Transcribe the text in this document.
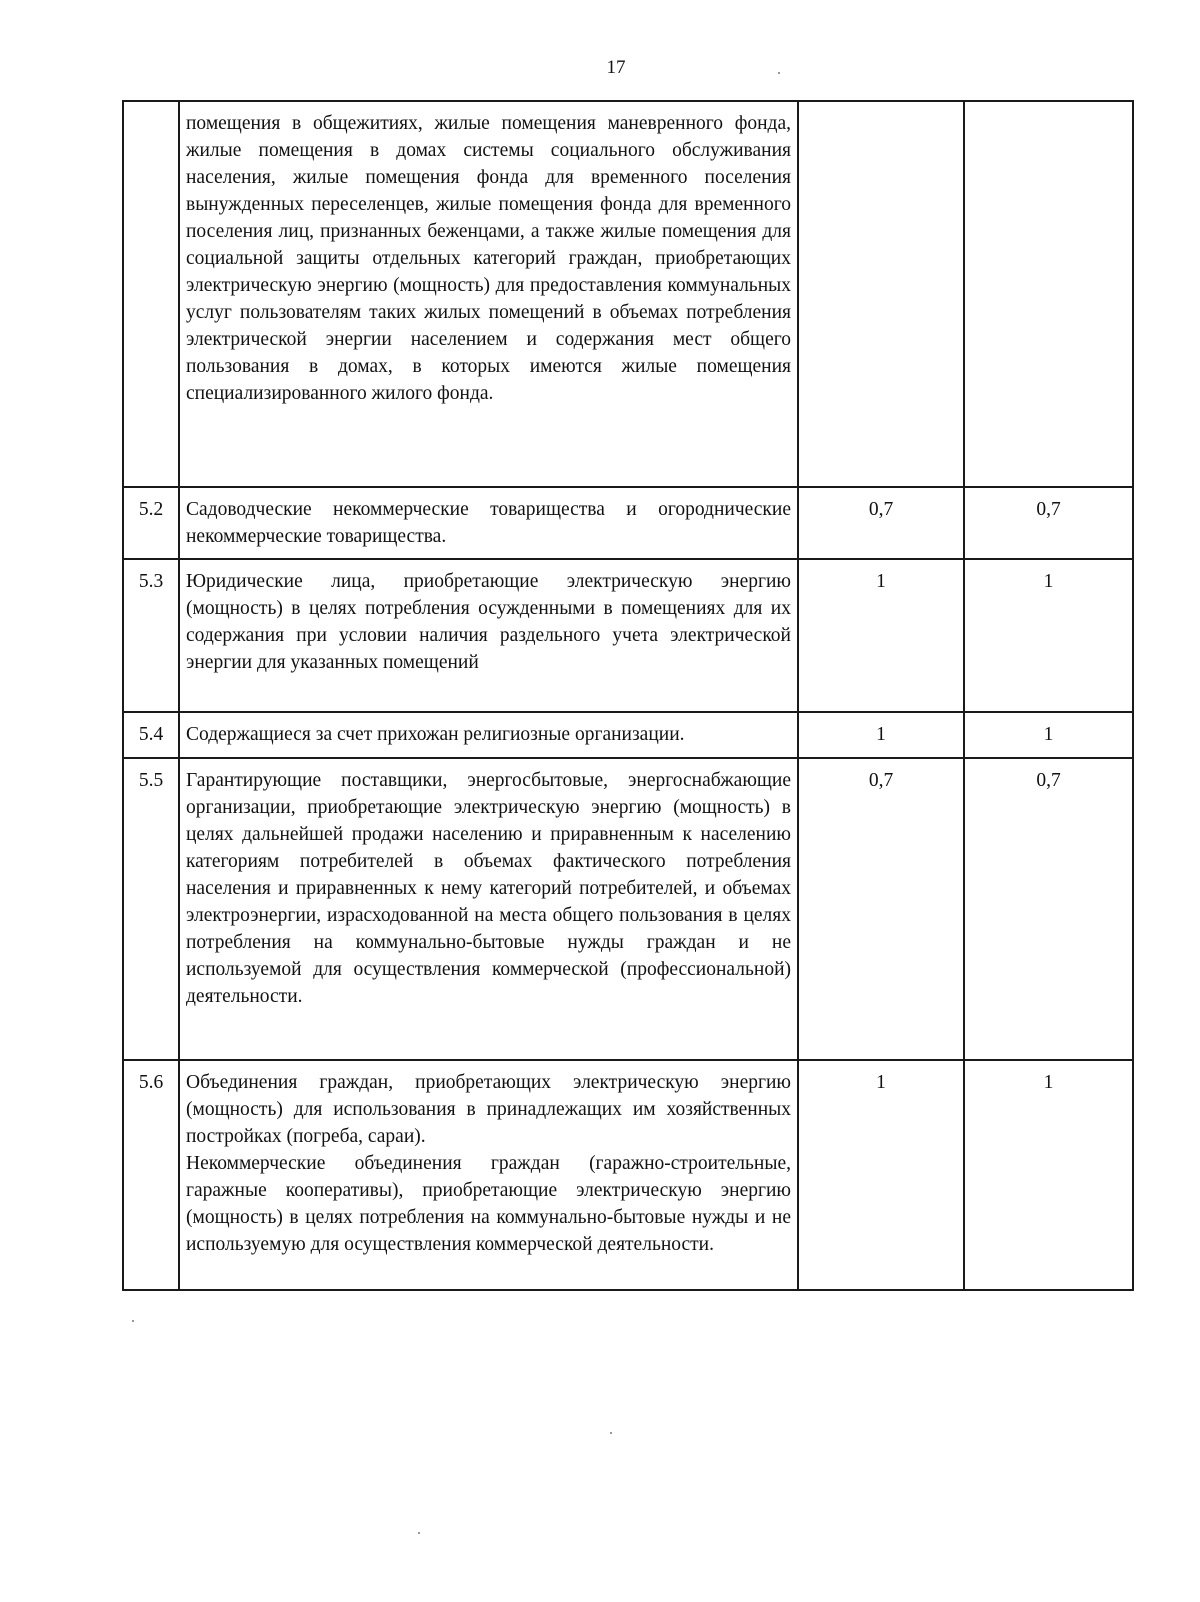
17

	помещения в общежитиях, жилые помещения маневренного фонда, жилые помещения в домах системы социального обслуживания населения, жилые помещения фонда для временного поселения вынужденных переселенцев, жилые помещения фонда для временного поселения лиц, признанных беженцами, а также жилые помещения для социальной защиты отдельных категорий граждан, приобретающих электрическую энергию (мощность) для предоставления коммунальных услуг пользователям таких жилых помещений в объемах потребления электрической энергии населением и содержания мест общего пользования в домах, в которых имеются жилые помещения специализированного жилого фонда.		

5.2	Садоводческие некоммерческие товарищества и огороднические некоммерческие товарищества.	0,7	0,7
5.3	Юридические лица, приобретающие электрическую энергию (мощность) в целях потребления осужденными в помещениях для их содержания при условии наличия раздельного учета электрической энергии для указанных помещений	1	1
5.4	Содержащиеся за счет прихожан религиозные организации.	1	1
5.5	Гарантирующие поставщики, энергосбытовые, энергоснабжающие организации, приобретающие электрическую энергию (мощность) в целях дальнейшей продажи населению и приравненным к населению категориям потребителей в объемах фактического потребления населения и приравненных к нему категорий потребителей, и объемах электроэнергии, израсходованной на места общего пользования в целях потребления на коммунально-бытовые нужды граждан и не используемой для осуществления коммерческой (профессиональной) деятельности.	0,7	0,7
5.6	Объединения граждан, приобретающих электрическую энергию (мощность) для использования в принадлежащих им хозяйственных постройках (погреба, сараи).
Некоммерческие объединения граждан (гаражно-строительные, гаражные кооперативы), приобретающие электрическую энергию (мощность) в целях потребления на коммунально-бытовые нужды и не используемую для осуществления коммерческой деятельности.	1	1
